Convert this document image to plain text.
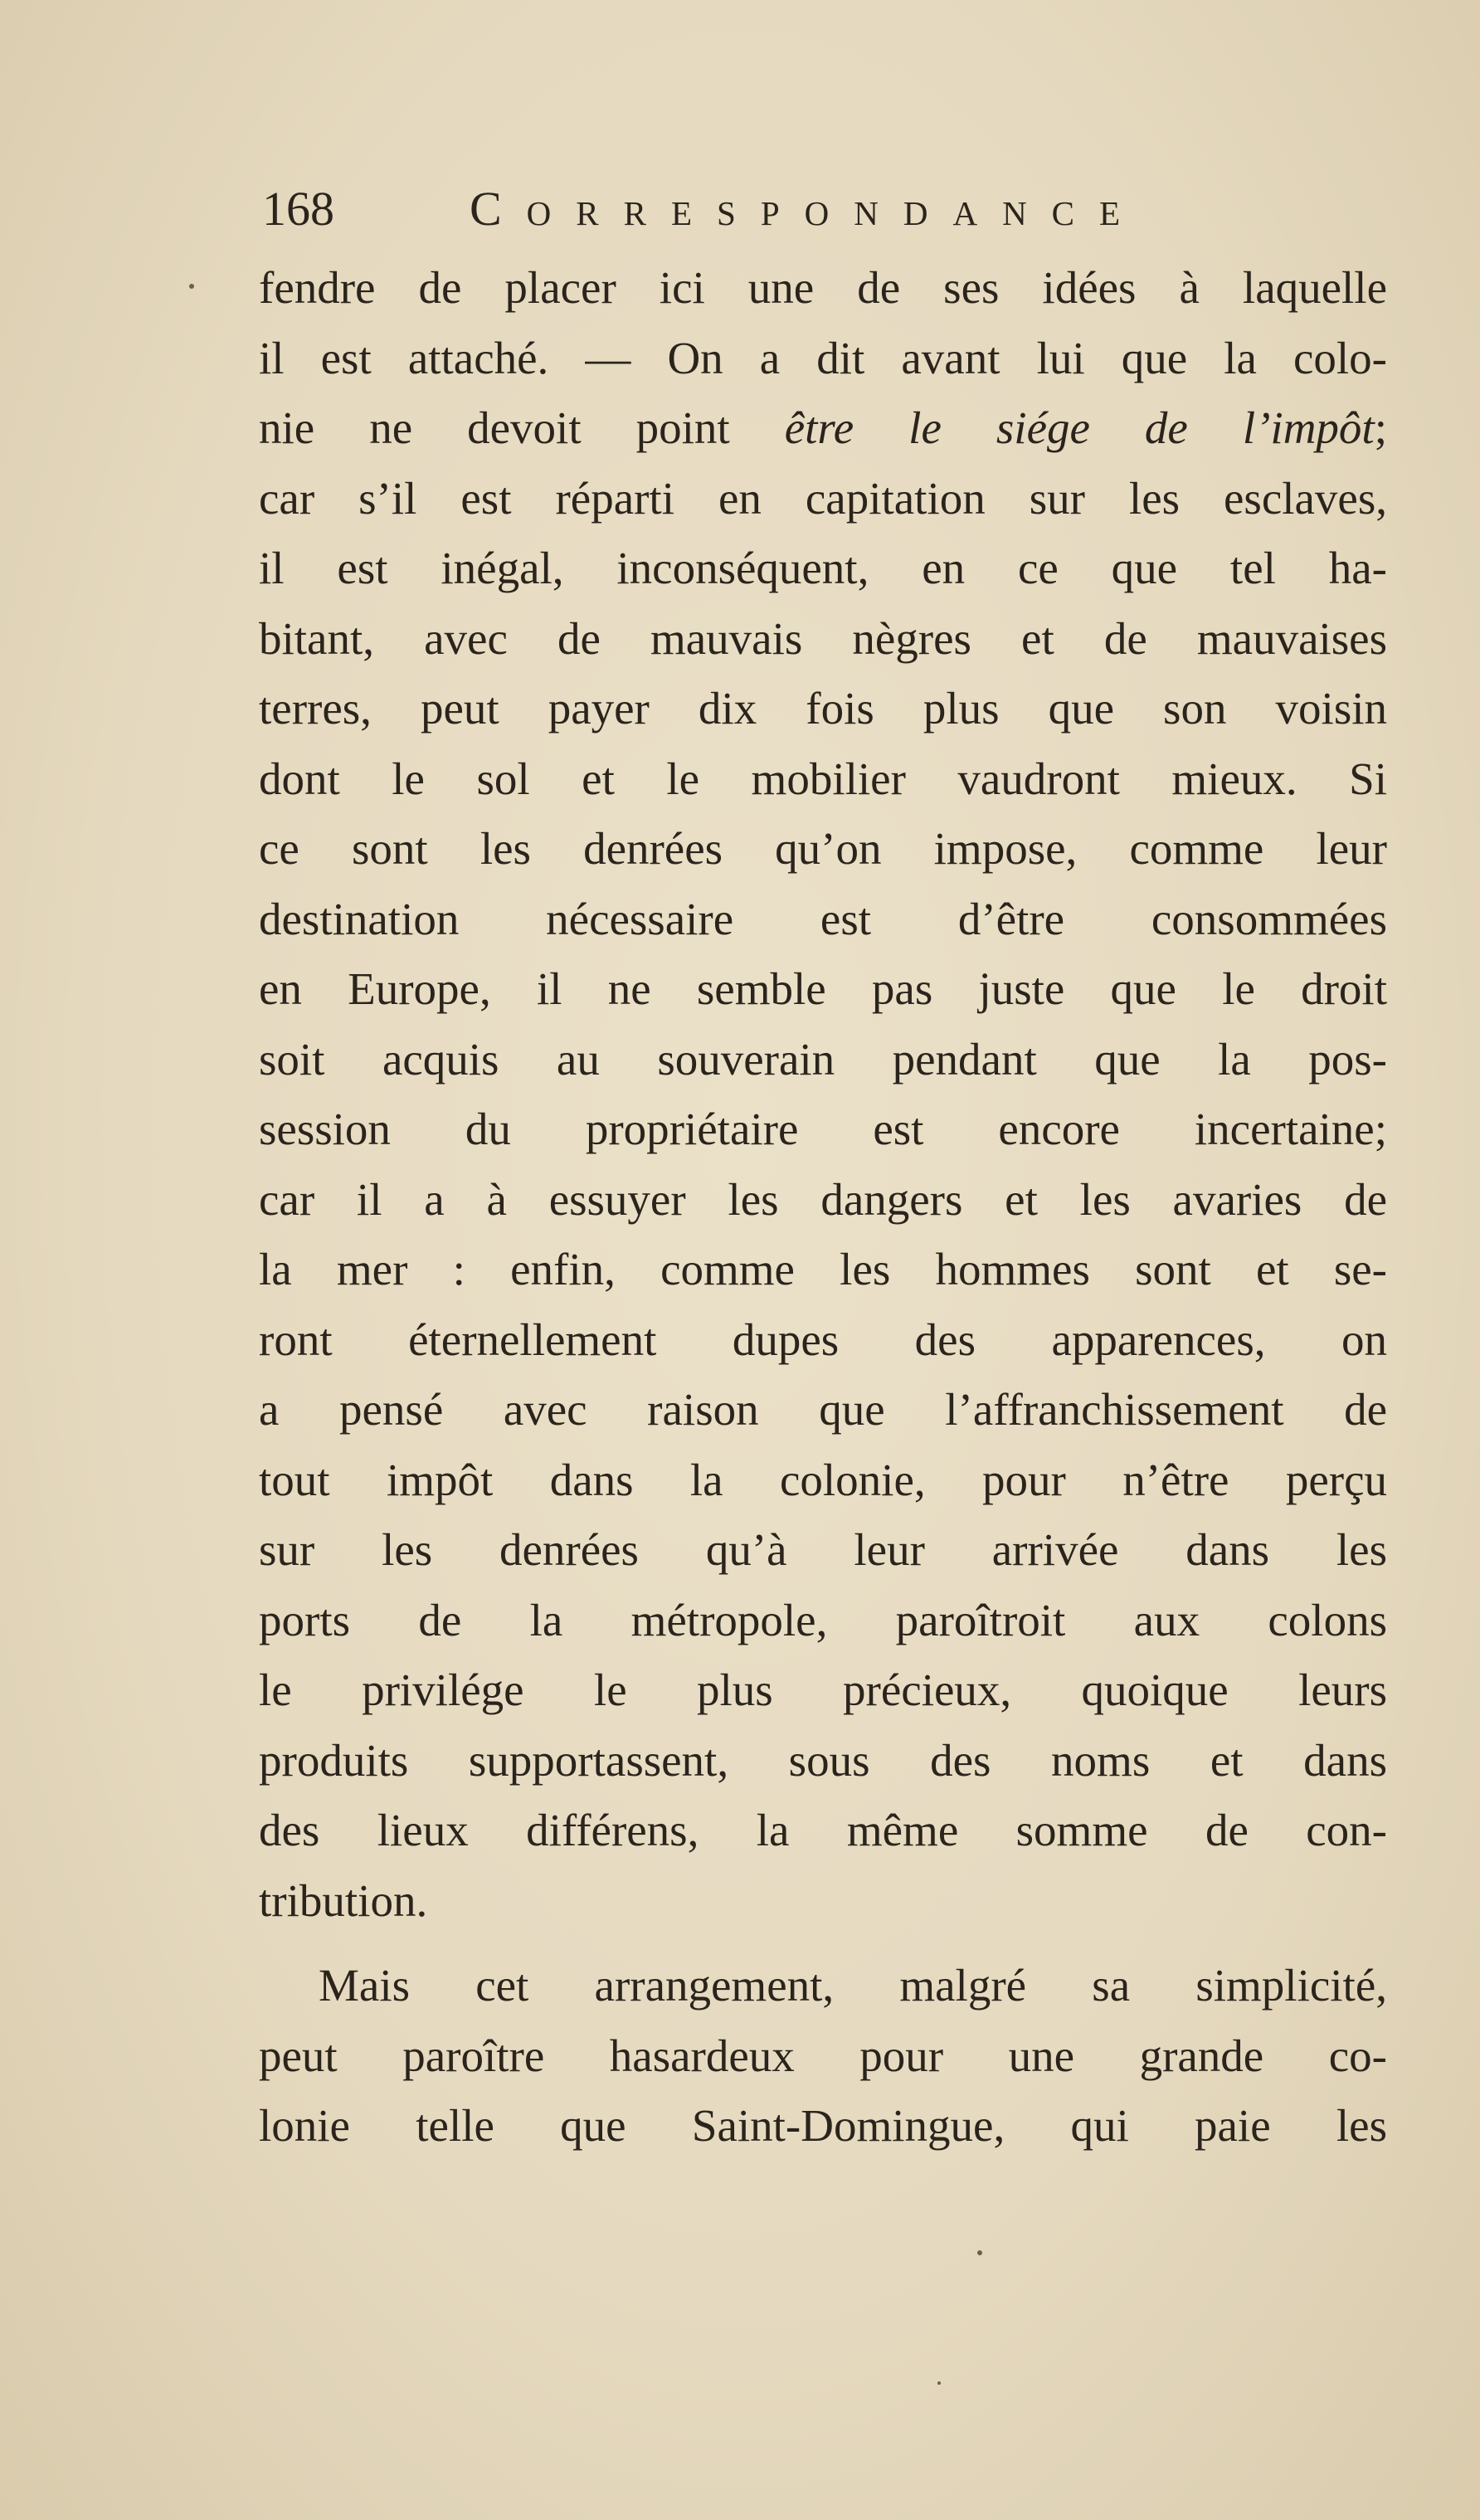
168	Correspondance
fendre de placer ici une de ses idées à laquelle
il est attaché. — On a dit avant lui que la colo-
nie ne devoit point être le siége de l’impôt;
car s’il est réparti en capitation sur les esclaves,
il est inégal, inconséquent, en ce que tel ha-
bitant, avec de mauvais nègres et de mauvaises
terres, peut payer dix fois plus que son voisin
dont le sol et le mobilier vaudront mieux. Si
ce sont les denrées qu’on impose, comme leur
destination nécessaire est d’être consommées
en Europe, il ne semble pas juste que le droit
soit acquis au souverain pendant que la pos-
session du propriétaire est encore incertaine;
car il a à essuyer les dangers et les avaries de
la mer : enfin, comme les hommes sont et se-
ront éternellement dupes des apparences, on
a pensé avec raison que l’affranchissement de
tout impôt dans la colonie, pour n’être perçu
sur les denrées qu’à leur arrivée dans les
ports de la métropole, paroîtroit aux colons
le privilége le plus précieux, quoique leurs
produits supportassent, sous des noms et dans
des lieux différens, la même somme de con-
tribution.
Mais cet arrangement, malgré sa simplicité,
peut paroître hasardeux pour une grande co-
lonie telle que Saint-Domingue, qui paie les
